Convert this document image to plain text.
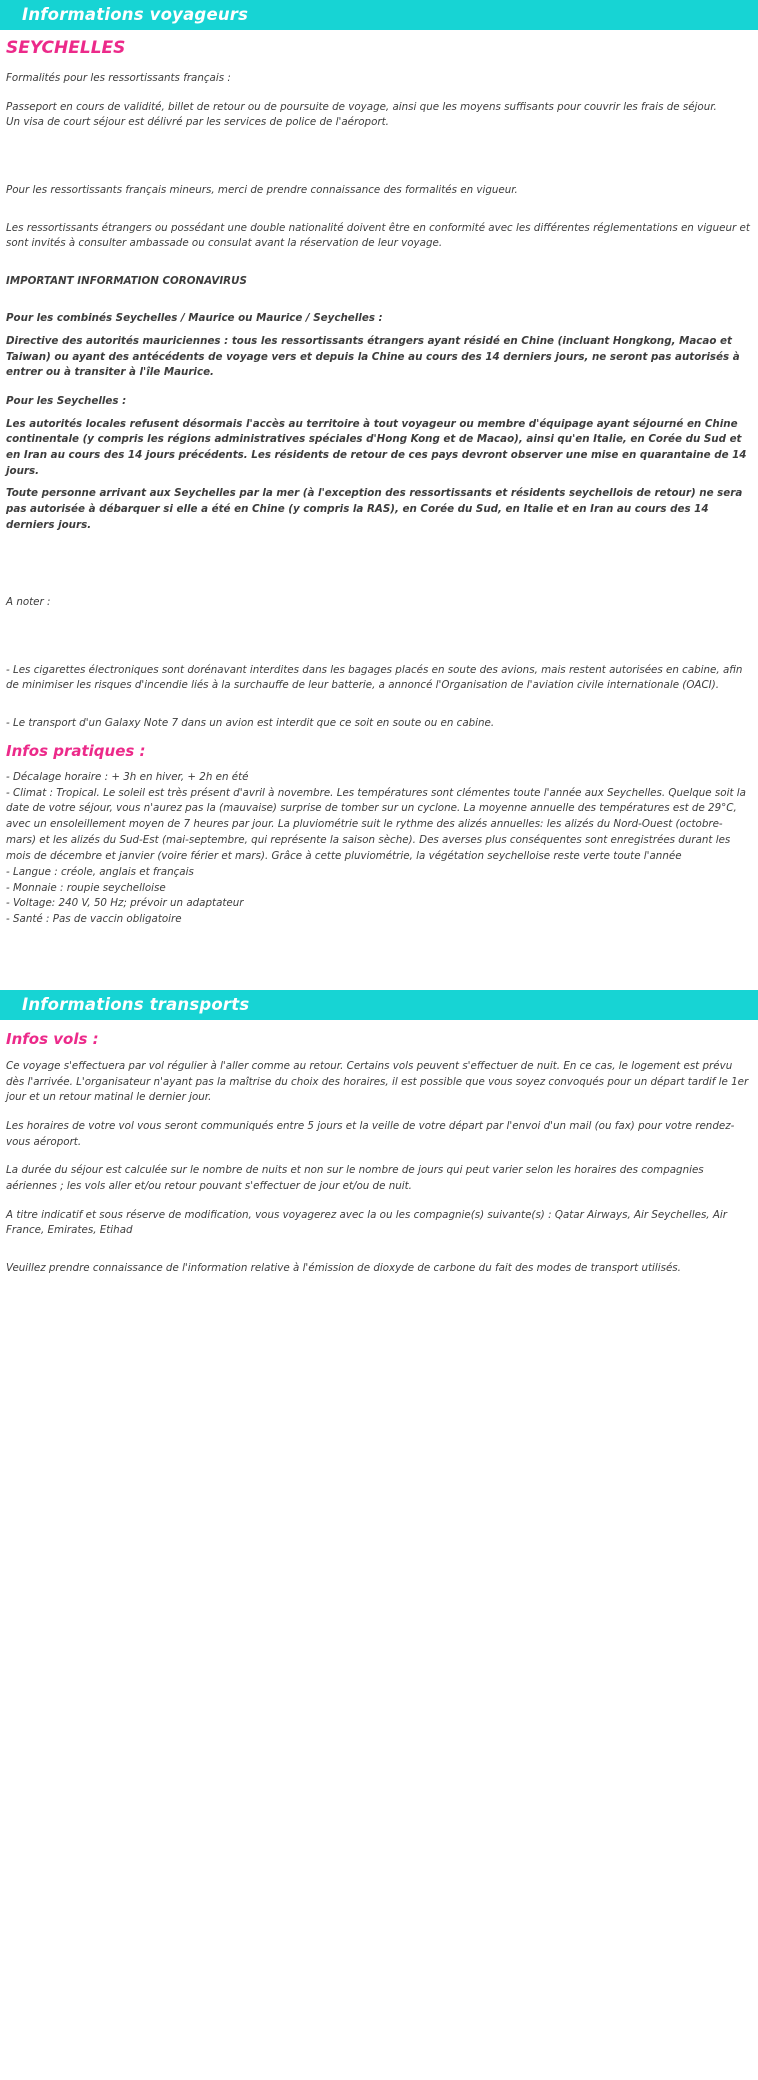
Informations voyageurs
SEYCHELLES

Formalités pour les ressortissants français :

Passeport en cours de validité, billet de retour ou de poursuite de voyage, ainsi que les moyens suffisants pour couvrir les frais de séjour.

Un visa de court séjour est délivré par les services de police de l'aéroport.

Pour les ressortissants français mineurs, merci de prendre connaissance des formalités en vigueur.

Les ressortissants étrangers ou possédant une double nationalité doivent être en conformité avec les différentes réglementations en vigueur et sont invités à consulter ambassade ou consulat avant la réservation de leur voyage.

IMPORTANT INFORMATION CORONAVIRUS

Pour les combinés Seychelles / Maurice ou Maurice / Seychelles :

Directive des autorités mauriciennes : tous les ressortissants étrangers ayant résidé en Chine (incluant Hongkong, Macao et Taiwan) ou ayant des antécédents de voyage vers et depuis la Chine au cours des 14 derniers jours, ne seront pas autorisés à entrer ou à transiter à l'île Maurice.

Pour les Seychelles :

Les autorités locales refusent désormais l'accès au territoire à tout voyageur ou membre d'équipage ayant séjourné en Chine continentale (y compris les régions administratives spéciales d'Hong Kong et de Macao), ainsi qu'en Italie, en Corée du Sud et en Iran au cours des 14 jours précédents. Les résidents de retour de ces pays devront observer une mise en quarantaine de 14 jours.

Toute personne arrivant aux Seychelles par la mer (à l'exception des ressortissants et résidents seychellois de retour) ne sera pas autorisée à débarquer si elle a été en Chine (y compris la RAS), en Corée du Sud, en Italie et en Iran au cours des 14 derniers jours.

A noter :

- Les cigarettes électroniques sont dorénavant interdites dans les bagages placés en soute des avions, mais restent autorisées en cabine, afin de minimiser les risques d'incendie liés à la surchauffe de leur batterie, a annoncé l'Organisation de l'aviation civile internationale (OACI).

- Le transport d'un Galaxy Note 7 dans un avion est interdit que ce soit en soute ou en cabine.

Infos pratiques :

- Décalage horaire : + 3h en hiver, + 2h en été

- Climat : Tropical. Le soleil est très présent d'avril à novembre. Les températures sont clémentes toute l'année aux Seychelles. Quelque soit la date de votre séjour, vous n'aurez pas la (mauvaise) surprise de tomber sur un cyclone. La moyenne annuelle des températures est de 29°C, avec un ensoleillement moyen de 7 heures par jour. La pluviométrie suit le rythme des alizés annuelles: les alizés du Nord-Ouest (octobre-mars) et les alizés du Sud-Est (mai-septembre, qui représente la saison sèche). Des averses plus conséquentes sont enregistrées durant les mois de décembre et janvier (voire férier et mars). Grâce à cette pluviométrie, la végétation seychelloise reste verte toute l'année

- Langue : créole, anglais et français

- Monnaie : roupie seychelloise

- Voltage: 240 V, 50 Hz; prévoir un adaptateur

- Santé : Pas de vaccin obligatoire

Informations transports
Infos vols :

Ce voyage s'effectuera par vol régulier à l'aller comme au retour. Certains vols peuvent s'effectuer de nuit. En ce cas, le logement est prévu dès l'arrivée. L'organisateur n'ayant pas la maîtrise du choix des horaires, il est possible que vous soyez convoqués pour un départ tardif le 1er jour et un retour matinal le dernier jour.

Les horaires de votre vol vous seront communiqués entre 5 jours et la veille de votre départ par l'envoi d'un mail (ou fax) pour votre rendez-vous aéroport.

La durée du séjour est calculée sur le nombre de nuits et non sur le nombre de jours qui peut varier selon les horaires des compagnies aériennes ; les vols aller et/ou retour pouvant s'effectuer de jour et/ou de nuit.

A titre indicatif et sous réserve de modification, vous voyagerez avec la ou les compagnie(s) suivante(s) : Qatar Airways, Air Seychelles, Air France, Emirates, Etihad

Veuillez prendre connaissance de l'information relative à l'émission de dioxyde de carbone du fait des modes de transport utilisés.
